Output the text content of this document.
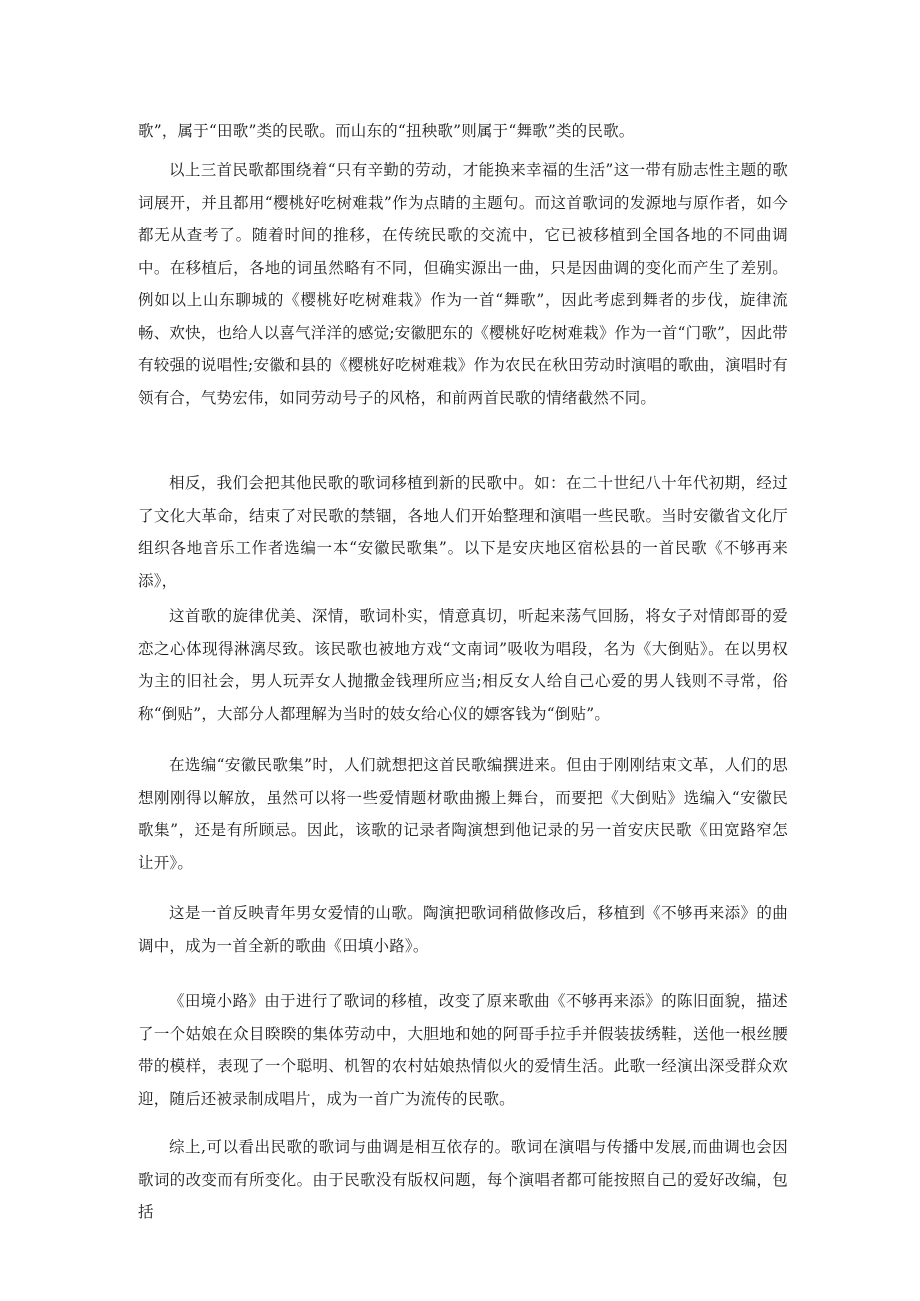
歌”，属于“田歌”类的民歌。而山东的“扭秧歌”则属于“舞歌”类的民歌。

以上三首民歌都围绕着“只有辛勤的劳动，才能换来幸福的生活”这一带有励志性主题的歌词展开，并且都用“樱桃好吃树难栽”作为点睛的主题句。而这首歌词的发源地与原作者，如今都无从查考了。随着时间的推移，在传统民歌的交流中，它已被移植到全国各地的不同曲调中。在移植后，各地的词虽然略有不同，但确实源出一曲，只是因曲调的变化而产生了差别。例如以上山东聊城的《樱桃好吃树难栽》作为一首“舞歌”，因此考虑到舞者的步伐，旋律流畅、欢快，也给人以喜气洋洋的感觉;安徽肥东的《樱桃好吃树难栽》作为一首“门歌”，因此带有较强的说唱性;安徽和县的《樱桃好吃树难栽》作为农民在秋田劳动时演唱的歌曲，演唱时有领有合，气势宏伟，如同劳动号子的风格，和前两首民歌的情绪截然不同。

相反，我们会把其他民歌的歌词移植到新的民歌中。如：在二十世纪八十年代初期，经过了文化大革命，结束了对民歌的禁锢，各地人们开始整理和演唱一些民歌。当时安徽省文化厅组织各地音乐工作者选编一本“安徽民歌集”。以下是安庆地区宿松县的一首民歌《不够再来添》，

这首歌的旋律优美、深情，歌词朴实，情意真切，听起来荡气回肠，将女子对情郎哥的爱恋之心体现得淋漓尽致。该民歌也被地方戏“文南词”吸收为唱段，名为《大倒贴》。在以男权为主的旧社会，男人玩弄女人抛撒金钱理所应当;相反女人给自己心爱的男人钱则不寻常，俗称“倒贴”，大部分人都理解为当时的妓女给心仪的嫖客钱为“倒贴”。

在选编“安徽民歌集”时，人们就想把这首民歌编撰进来。但由于刚刚结束文革，人们的思想刚刚得以解放，虽然可以将一些爱情题材歌曲搬上舞台，而要把《大倒贴》选编入“安徽民歌集”，还是有所顾忌。因此，该歌的记录者陶演想到他记录的另一首安庆民歌《田宽路窄怎让开》。

这是一首反映青年男女爱情的山歌。陶演把歌词稍做修改后，移植到《不够再来添》的曲调中，成为一首全新的歌曲《田填小路》。

《田境小路》由于进行了歌词的移植，改变了原来歌曲《不够再来添》的陈旧面貌，描述了一个姑娘在众目睽睽的集体劳动中，大胆地和她的阿哥手拉手并假装拔绣鞋，送他一根丝腰带的模样，表现了一个聪明、机智的农村姑娘热情似火的爱情生活。此歌一经演出深受群众欢迎，随后还被录制成唱片，成为一首广为流传的民歌。

综上,可以看出民歌的歌词与曲调是相互依存的。歌词在演唱与传播中发展,而曲调也会因歌词的改变而有所变化。由于民歌没有版权问题，每个演唱者都可能按照自己的爱好改编，包括
